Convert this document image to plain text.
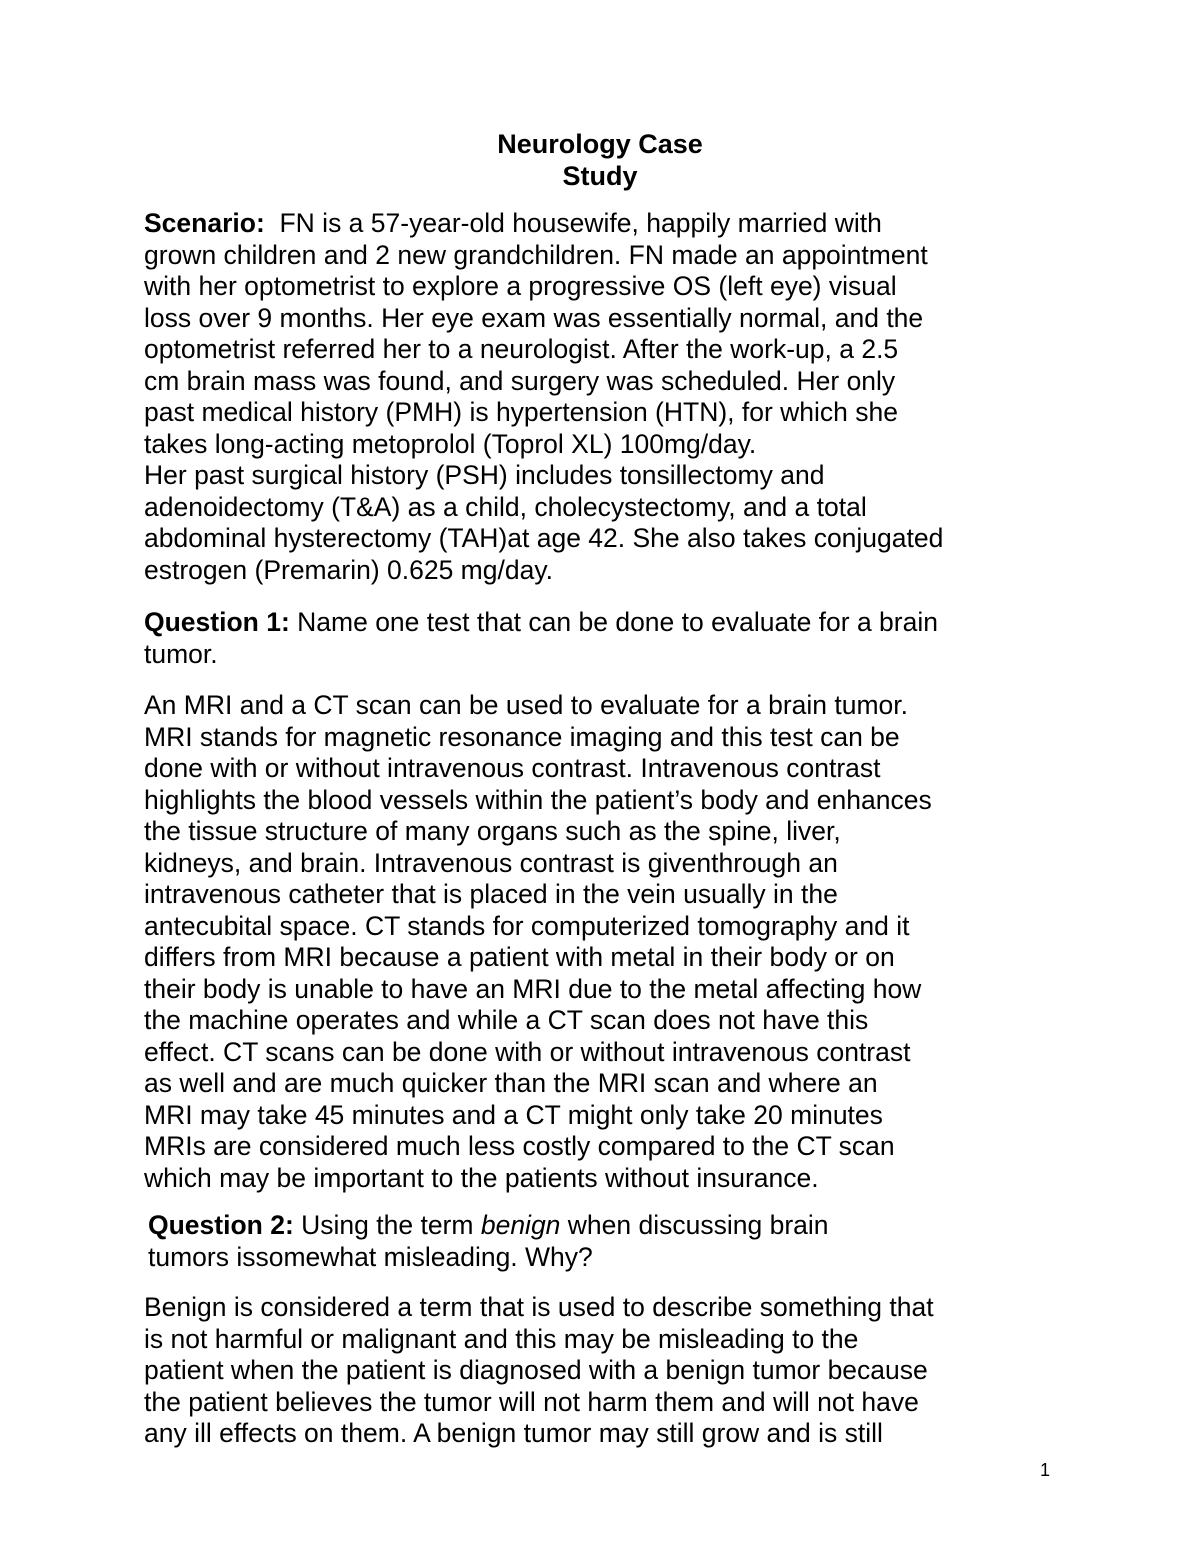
Neurology Case
Study
Scenario: FN is a 57-year-old housewife, happily married with
grown children and 2 new grandchildren. FN made an appointment
with her optometrist to explore a progressive OS (left eye) visual
loss over 9 months. Her eye exam was essentially normal, and the
optometrist referred her to a neurologist. After the work-up, a 2.5
cm brain mass was found, and surgery was scheduled. Her only
past medical history (PMH) is hypertension (HTN), for which she
takes long-acting metoprolol (Toprol XL) 100mg/day.
Her past surgical history (PSH) includes tonsillectomy and
adenoidectomy (T&A) as a child, cholecystectomy, and a total
abdominal hysterectomy (TAH)at age 42. She also takes conjugated
estrogen (Premarin) 0.625 mg/day.
Question 1: Name one test that can be done to evaluate for a brain
tumor.
An MRI and a CT scan can be used to evaluate for a brain tumor.
MRI stands for magnetic resonance imaging and this test can be
done with or without intravenous contrast. Intravenous contrast
highlights the blood vessels within the patient’s body and enhances
the tissue structure of many organs such as the spine, liver,
kidneys, and brain. Intravenous contrast is giventhrough an
intravenous catheter that is placed in the vein usually in the
antecubital space. CT stands for computerized tomography and it
differs from MRI because a patient with metal in their body or on
their body is unable to have an MRI due to the metal affecting how
the machine operates and while a CT scan does not have this
effect. CT scans can be done with or without intravenous contrast
as well and are much quicker than the MRI scan and where an
MRI may take 45 minutes and a CT might only take 20 minutes
MRIs are considered much less costly compared to the CT scan
which may be important to the patients without insurance.
Question 2: Using the term benign when discussing brain
tumors issomewhat misleading. Why?
Benign is considered a term that is used to describe something that
is not harmful or malignant and this may be misleading to the
patient when the patient is diagnosed with a benign tumor because
the patient believes the tumor will not harm them and will not have
any ill effects on them. A benign tumor may still grow and is still
1
